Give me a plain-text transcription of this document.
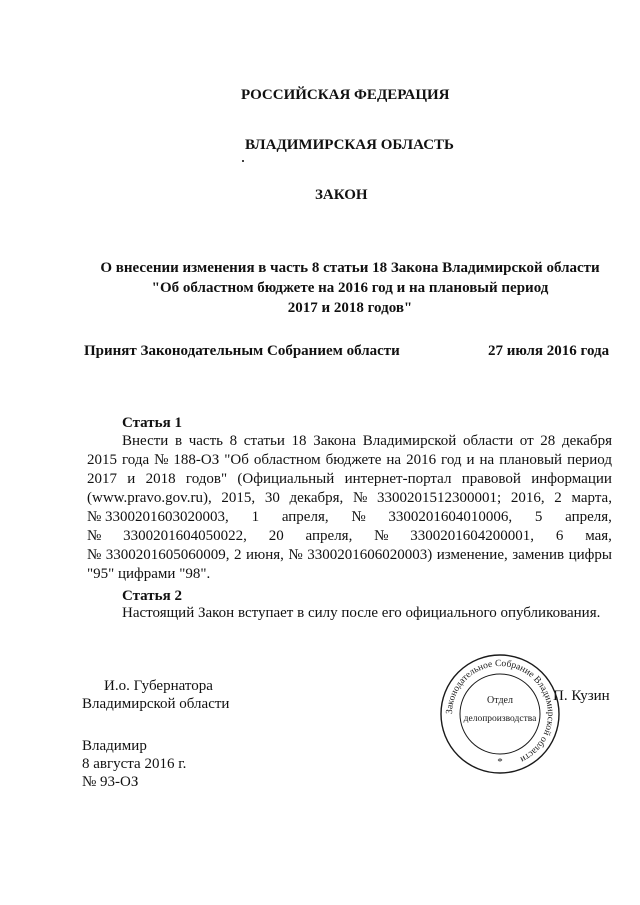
РОССИЙСКАЯ ФЕДЕРАЦИЯ
ВЛАДИМИРСКАЯ ОБЛАСТЬ
ЗАКОН
О внесении изменения в часть 8 статьи 18 Закона Владимирской области
"Об областном бюджете на 2016 год и на плановый период
2017 и 2018 годов"
Принят Законодательным Собранием области	27 июля 2016 года
Статья 1
Внести в часть 8 статьи 18 Закона Владимирской области от 28 декабря
2015 года № 188-ОЗ "Об областном бюджете на 2016 год и на плановый период
2017 и 2018 годов" (Официальный интернет-портал правовой информации
(www.pravo.gov.ru), 2015, 30 декабря, № 3300201512300001; 2016, 2 марта,
№ 3300201603020003, 1 апреля, № 3300201604010006, 5 апреля,
№ 3300201604050022, 20 апреля, № 3300201604200001, 6 мая,
№ 3300201605060009, 2 июня, № 3300201606020003) изменение, заменив цифры
"95" цифрами "98".
Статья 2
Настоящий Закон вступает в силу после его официального опубликования.
И.о. Губернатора
Владимирской области	П. Кузин
Владимир
8 августа 2016 г.
№ 93-ОЗ
Законодательное Собрание Владимирской области
Отдел
делопроизводства
*
